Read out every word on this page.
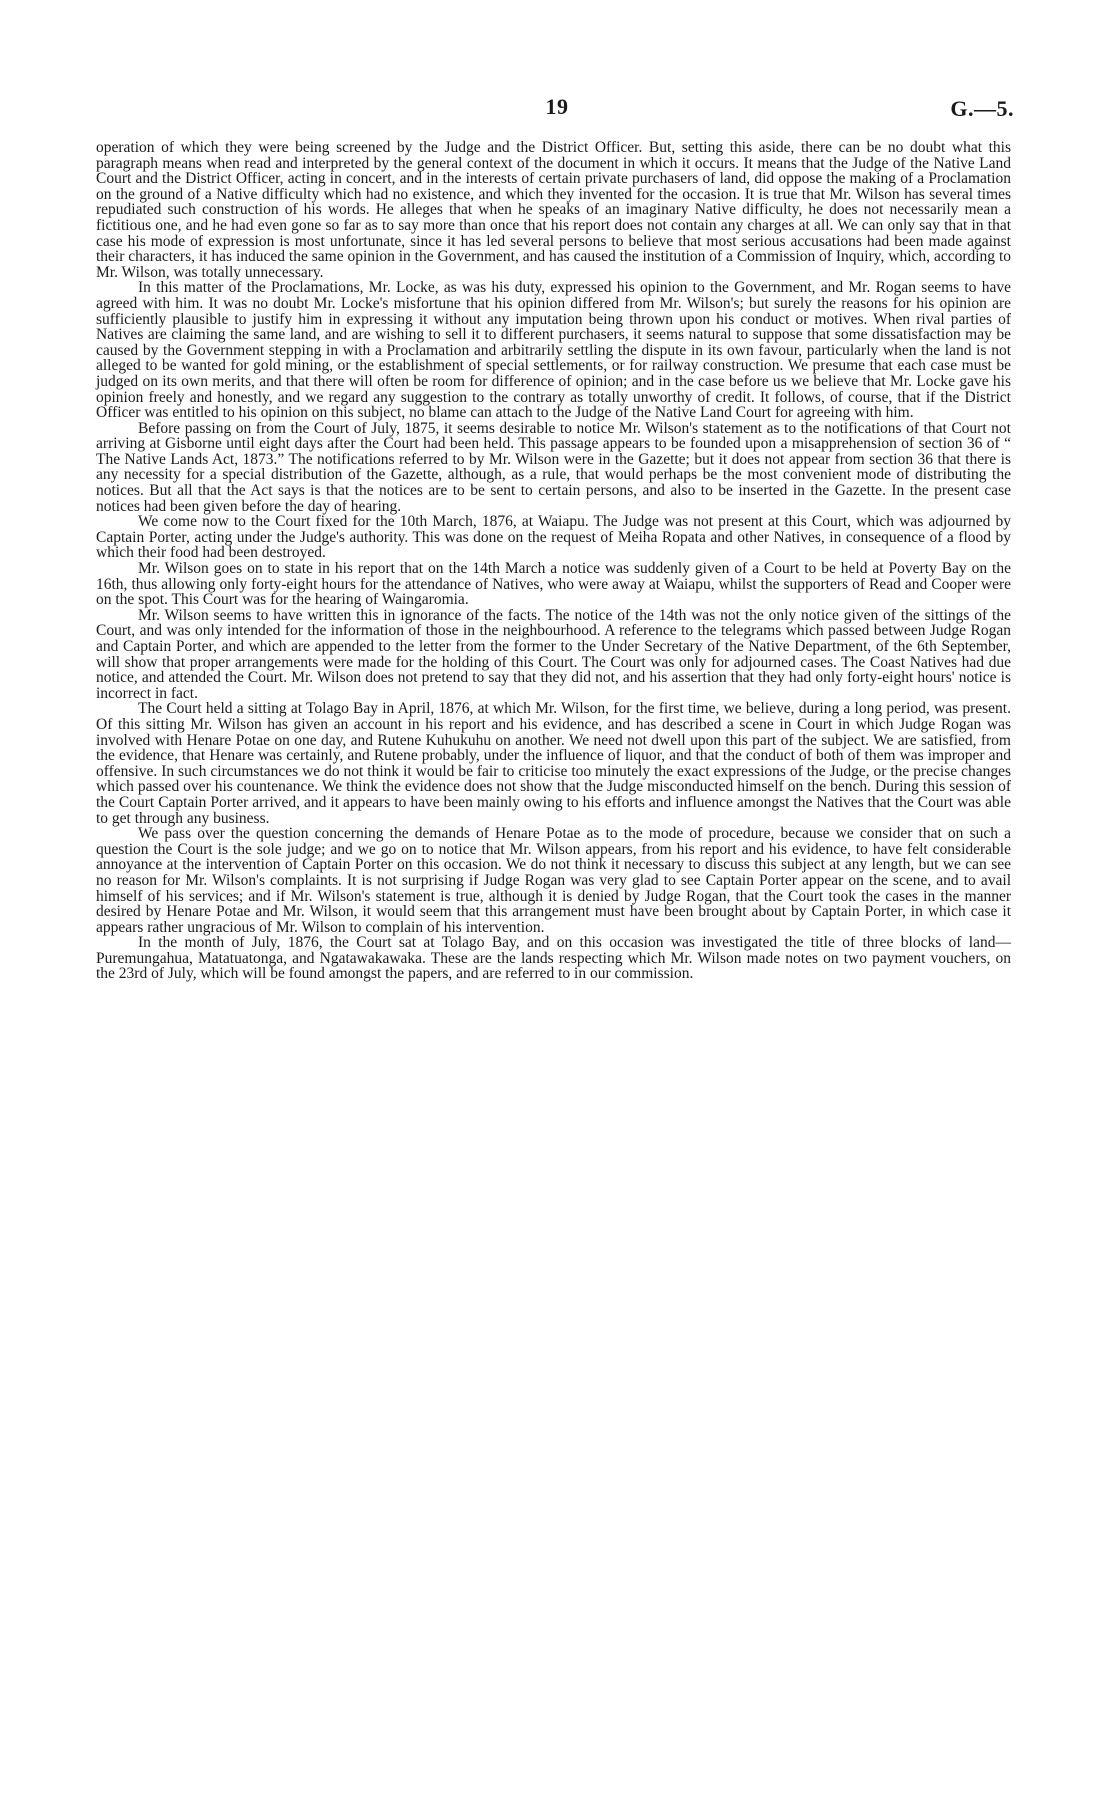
19	G.—5.

operation of which they were being screened by the Judge and the District Officer. But, setting this aside, there can be no doubt what this paragraph means when read and interpreted by the general context of the document in which it occurs. It means that the Judge of the Native Land Court and the District Officer, acting in concert, and in the interests of certain private purchasers of land, did oppose the making of a Proclamation on the ground of a Native difficulty which had no existence, and which they invented for the occasion. It is true that Mr. Wilson has several times repudiated such construction of his words. He alleges that when he speaks of an imaginary Native difficulty, he does not necessarily mean a fictitious one, and he had even gone so far as to say more than once that his report does not contain any charges at all. We can only say that in that case his mode of expression is most unfortunate, since it has led several persons to believe that most serious accusations had been made against their characters, it has induced the same opinion in the Government, and has caused the institution of a Commission of Inquiry, which, according to Mr. Wilson, was totally unnecessary.

In this matter of the Proclamations, Mr. Locke, as was his duty, expressed his opinion to the Government, and Mr. Rogan seems to have agreed with him. It was no doubt Mr. Locke's misfortune that his opinion differed from Mr. Wilson's; but surely the reasons for his opinion are sufficiently plausible to justify him in expressing it without any imputation being thrown upon his conduct or motives. When rival parties of Natives are claiming the same land, and are wishing to sell it to different purchasers, it seems natural to suppose that some dissatisfaction may be caused by the Government stepping in with a Proclamation and arbitrarily settling the dispute in its own favour, particularly when the land is not alleged to be wanted for gold mining, or the establishment of special settlements, or for railway construction. We presume that each case must be judged on its own merits, and that there will often be room for difference of opinion; and in the case before us we believe that Mr. Locke gave his opinion freely and honestly, and we regard any suggestion to the contrary as totally unworthy of credit. It follows, of course, that if the District Officer was entitled to his opinion on this subject, no blame can attach to the Judge of the Native Land Court for agreeing with him.

Before passing on from the Court of July, 1875, it seems desirable to notice Mr. Wilson's statement as to the notifications of that Court not arriving at Gisborne until eight days after the Court had been held. This passage appears to be founded upon a misapprehension of section 36 of “ The Native Lands Act, 1873.” The notifications referred to by Mr. Wilson were in the Gazette; but it does not appear from section 36 that there is any necessity for a special distribution of the Gazette, although, as a rule, that would perhaps be the most convenient mode of distributing the notices. But all that the Act says is that the notices are to be sent to certain persons, and also to be inserted in the Gazette. In the present case notices had been given before the day of hearing.

We come now to the Court fixed for the 10th March, 1876, at Waiapu. The Judge was not present at this Court, which was adjourned by Captain Porter, acting under the Judge's authority. This was done on the request of Meiha Ropata and other Natives, in consequence of a flood by which their food had been destroyed.

Mr. Wilson goes on to state in his report that on the 14th March a notice was suddenly given of a Court to be held at Poverty Bay on the 16th, thus allowing only forty-eight hours for the attendance of Natives, who were away at Waiapu, whilst the supporters of Read and Cooper were on the spot. This Court was for the hearing of Waingaromia.

Mr. Wilson seems to have written this in ignorance of the facts. The notice of the 14th was not the only notice given of the sittings of the Court, and was only intended for the information of those in the neighbourhood. A reference to the telegrams which passed between Judge Rogan and Captain Porter, and which are appended to the letter from the former to the Under Secretary of the Native Department, of the 6th September, will show that proper arrangements were made for the holding of this Court. The Court was only for adjourned cases. The Coast Natives had due notice, and attended the Court. Mr. Wilson does not pretend to say that they did not, and his assertion that they had only forty-eight hours' notice is incorrect in fact.

The Court held a sitting at Tolago Bay in April, 1876, at which Mr. Wilson, for the first time, we believe, during a long period, was present. Of this sitting Mr. Wilson has given an account in his report and his evidence, and has described a scene in Court in which Judge Rogan was involved with Henare Potae on one day, and Rutene Kuhukuhu on another. We need not dwell upon this part of the subject. We are satisfied, from the evidence, that Henare was certainly, and Rutene probably, under the influence of liquor, and that the conduct of both of them was improper and offensive. In such circumstances we do not think it would be fair to criticise too minutely the exact expressions of the Judge, or the precise changes which passed over his countenance. We think the evidence does not show that the Judge misconducted himself on the bench. During this session of the Court Captain Porter arrived, and it appears to have been mainly owing to his efforts and influence amongst the Natives that the Court was able to get through any business.

We pass over the question concerning the demands of Henare Potae as to the mode of procedure, because we consider that on such a question the Court is the sole judge; and we go on to notice that Mr. Wilson appears, from his report and his evidence, to have felt considerable annoyance at the intervention of Captain Porter on this occasion. We do not think it necessary to discuss this subject at any length, but we can see no reason for Mr. Wilson's complaints. It is not surprising if Judge Rogan was very glad to see Captain Porter appear on the scene, and to avail himself of his services; and if Mr. Wilson's statement is true, although it is denied by Judge Rogan, that the Court took the cases in the manner desired by Henare Potae and Mr. Wilson, it would seem that this arrangement must have been brought about by Captain Porter, in which case it appears rather ungracious of Mr. Wilson to complain of his intervention.

In the month of July, 1876, the Court sat at Tolago Bay, and on this occasion was investigated the title of three blocks of land—Puremungahua, Matatuatonga, and Ngatawakawaka. These are the lands respecting which Mr. Wilson made notes on two payment vouchers, on the 23rd of July, which will be found amongst the papers, and are referred to in our commission.
